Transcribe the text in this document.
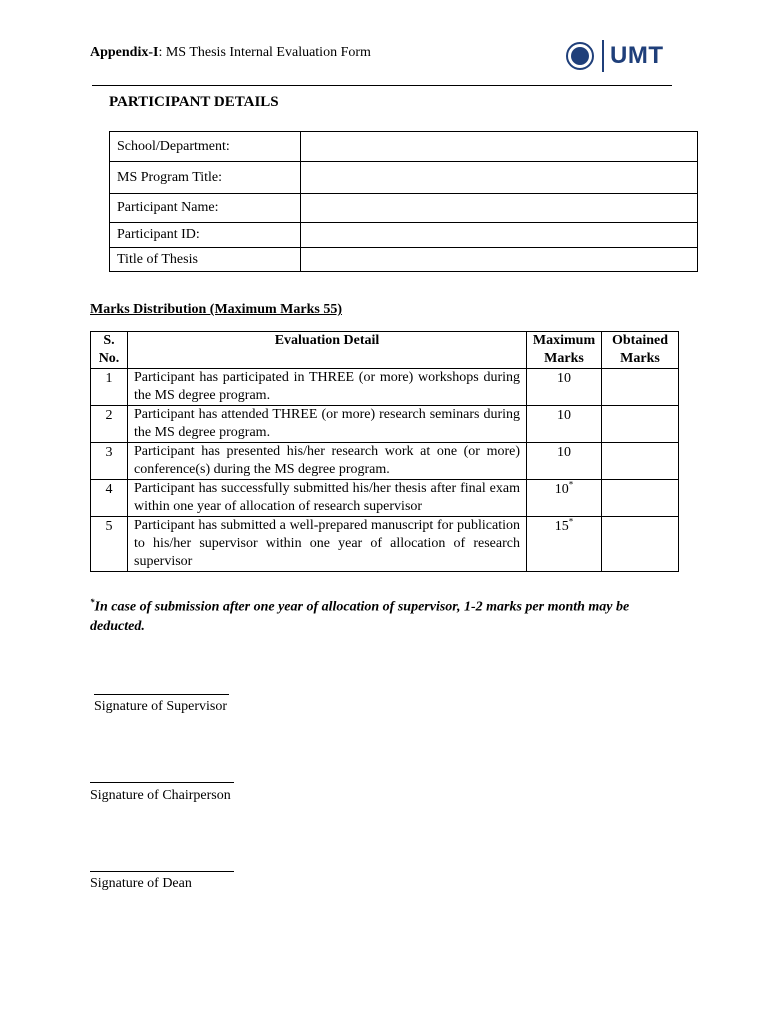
Appendix-I: MS Thesis Internal Evaluation Form	UMT
PARTICIPANT DETAILS
School/Department:	
MS Program Title:	
Participant Name:	
Participant ID:	
Title of Thesis	
Marks Distribution (Maximum Marks 55)
S. No.	Evaluation Detail	Maximum Marks	Obtained Marks
1	Participant has participated in THREE (or more) workshops during the MS degree program.	10	
2	Participant has attended THREE (or more) research seminars during the MS degree program.	10	
3	Participant has presented his/her research work at one (or more) conference(s) during the MS degree program.	10	
4	Participant has successfully submitted his/her thesis after final exam within one year of allocation of research supervisor	10*	
5	Participant has submitted a well-prepared manuscript for publication to his/her supervisor within one year of allocation of research supervisor	15*	
*In case of submission after one year of allocation of supervisor, 1-2 marks per month may be deducted.
Signature of Supervisor
Signature of Chairperson
Signature of Dean
